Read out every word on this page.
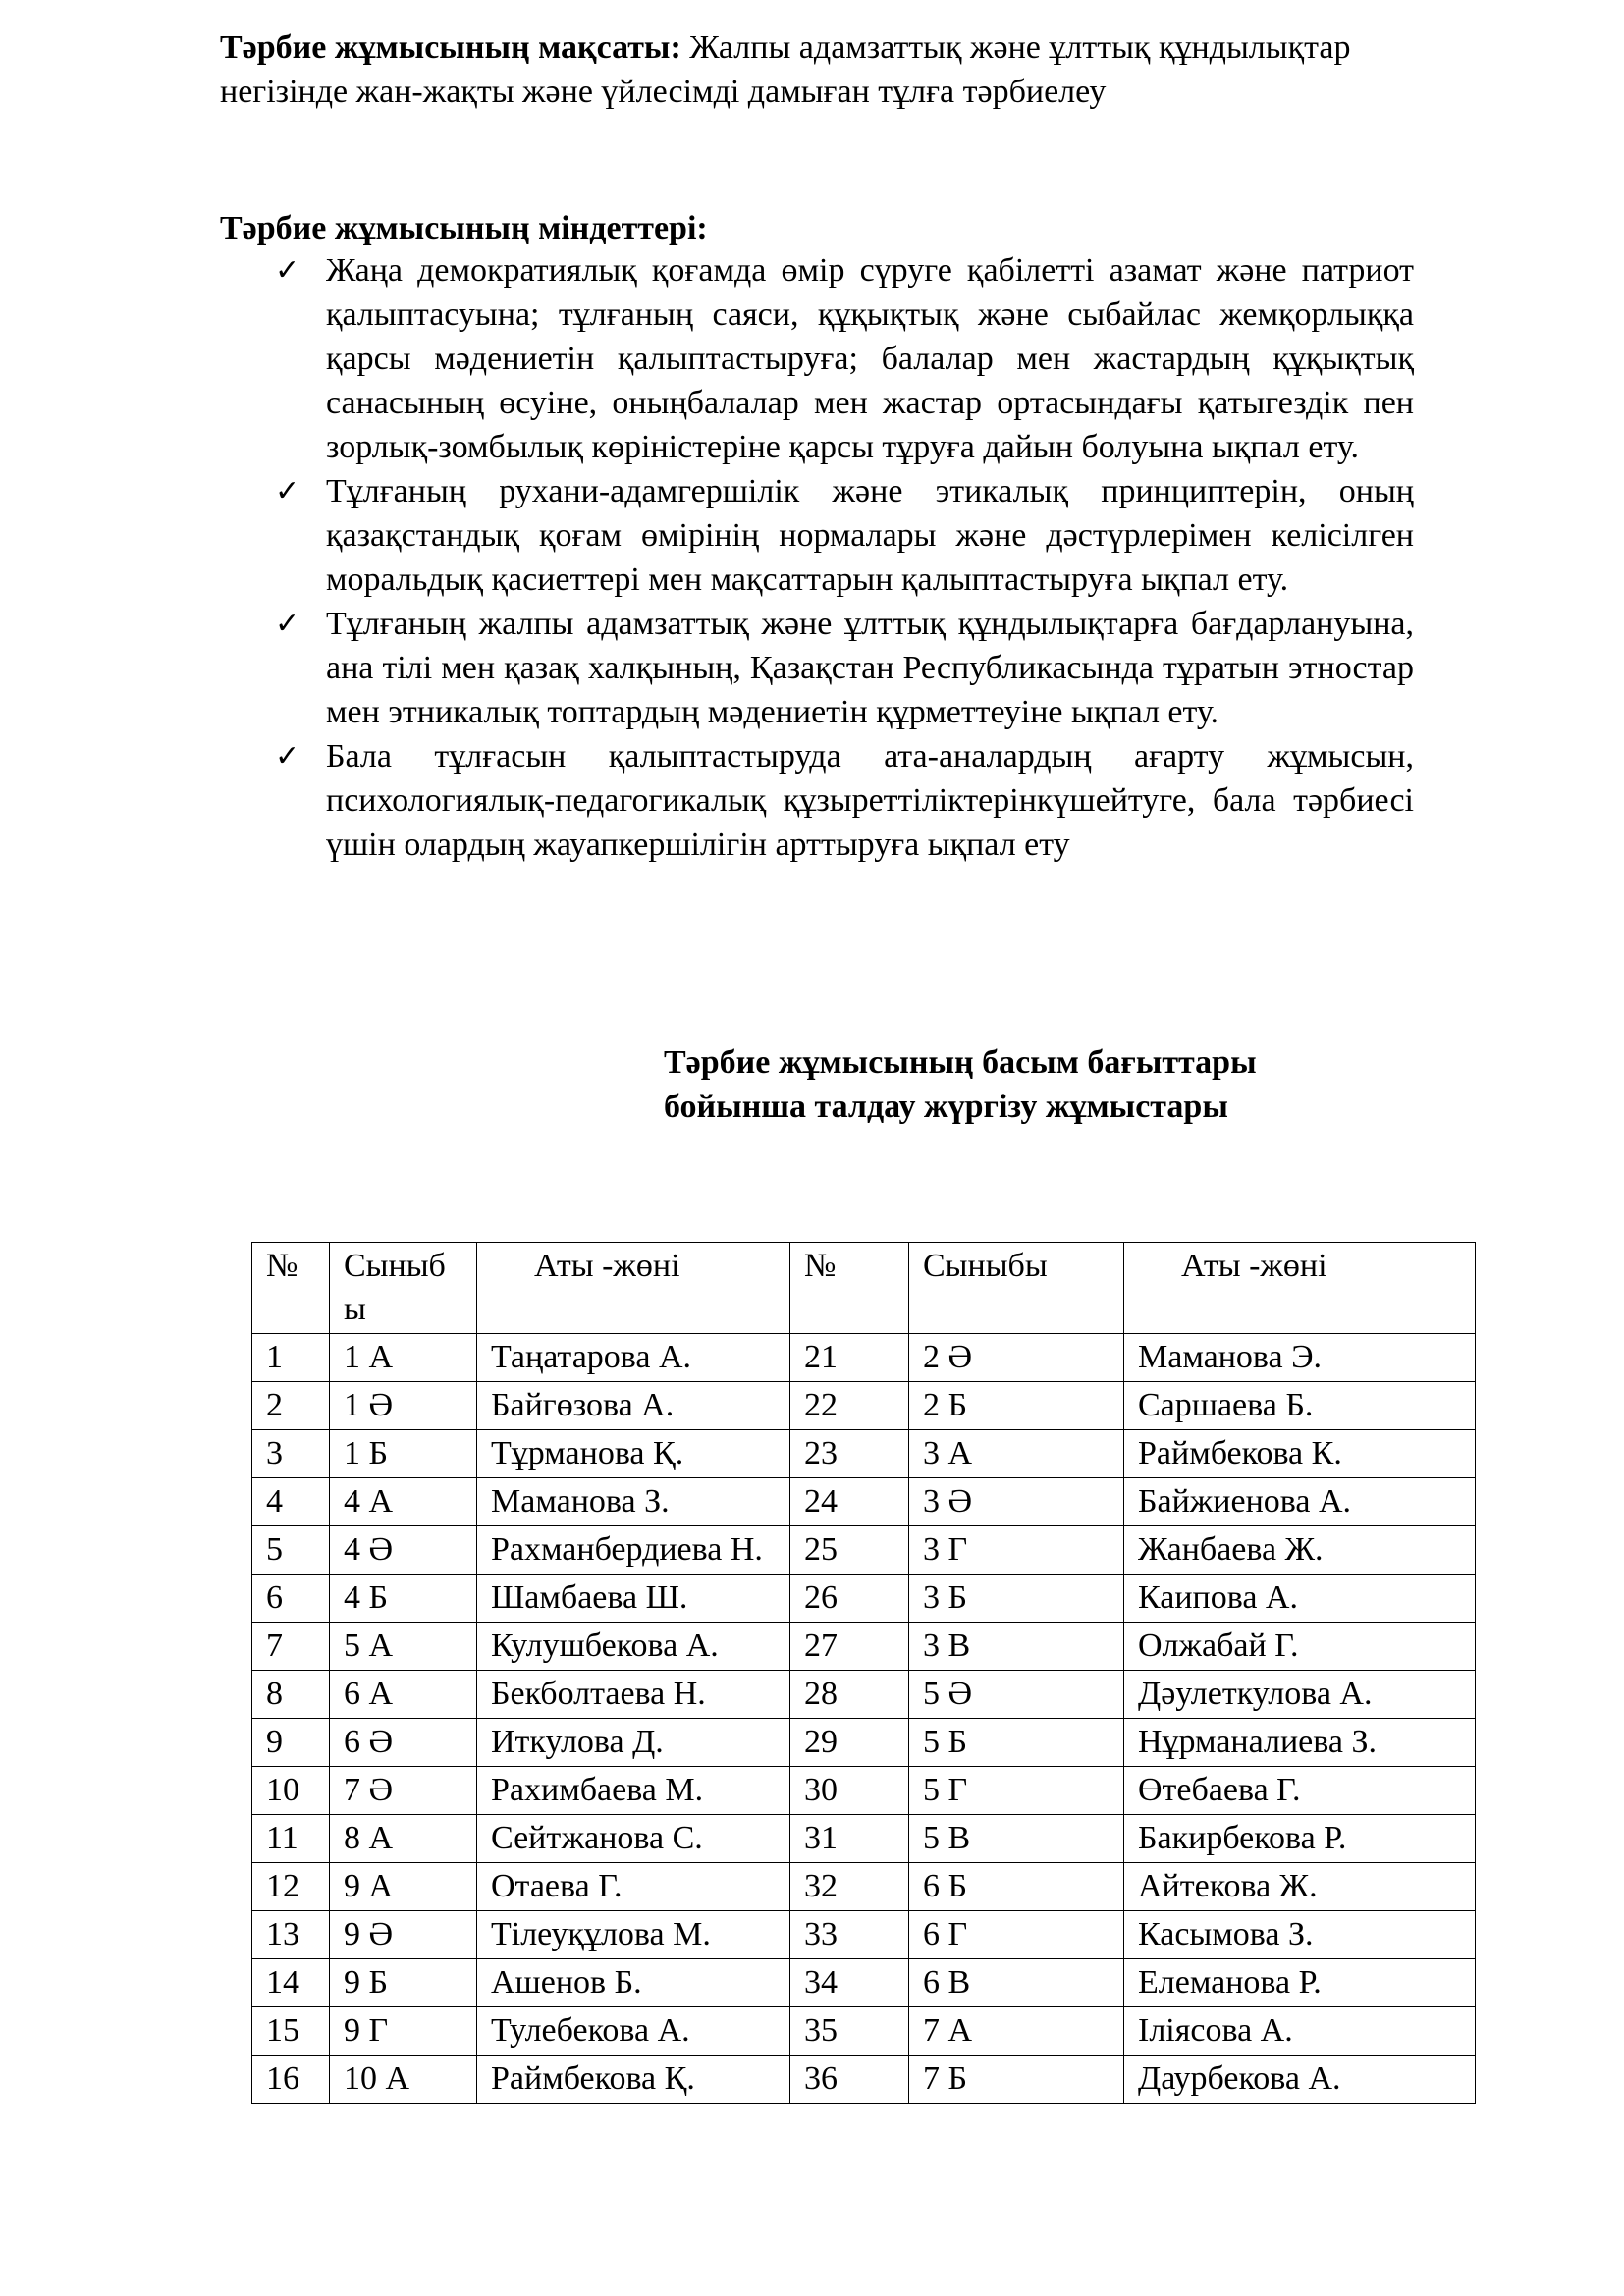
Тәрбие жұмысының мақсаты: Жалпы адамзаттық және ұлттық құндылықтар негізінде жан-жақты және үйлесімді дамыған тұлға тәрбиелеу

Тәрбие жұмысының міндеттері:
✓ Жаңа демократиялық қоғамда өмір сүруге қабілетті азамат және патриот қалыптасуына; тұлғаның саяси, құқықтық және сыбайлас жемқорлыққа қарсы мәдениетін қалыптастыруға; балалар мен жастардың құқықтық санасының өсуіне, оныңбалалар мен жастар ортасындағы қатыгездік пен зорлық-зомбылық көріністеріне қарсы тұруға дайын болуына ықпал ету.
✓ Тұлғаның рухани-адамгершілік және этикалық принциптерін, оның қазақстандық қоғам өмірінің нормалары және дәстүрлерімен келісілген моральдық қасиеттері мен мақсаттарын қалыптастыруға ықпал ету.
✓ Тұлғаның жалпы адамзаттық және ұлттық құндылықтарға бағдарлануына, ана тілі мен қазақ халқының, Қазақстан Республикасында тұратын этностар мен этникалық топтардың мәдениетін құрметтеуіне ықпал ету.
✓ Бала тұлғасын қалыптастыруда ата-аналардың ағарту жұмысын, психологиялық-педагогикалық құзыреттіліктерінкүшейтуге, бала тәрбиесі үшін олардың жауапкершілігін арттыруға ықпал ету
Тәрбие жұмысының басым бағыттары
бойынша талдау жүргізу жұмыстары
№	Сыныбы	Аты -жөні	№	Сыныбы	Аты -жөні
1	1 А	Таңатарова А.	21	2 Ә	Маманова Э.
2	1 Ә	Байгөзова А.	22	2 Б	Саршаева Б.
3	1 Б	Тұрманова Қ.	23	3 А	Раймбекова К.
4	4 А	Маманова З.	24	3 Ә	Байжиенова А.
5	4 Ә	Рахманбердиева Н.	25	3 Г	Жанбаева Ж.
6	4 Б	Шамбаева Ш.	26	3 Б	Каипова А.
7	5 А	Кулушбекова А.	27	3 В	Олжабай Г.
8	6 А	Бекболтаева Н.	28	5 Ә	Дәулеткулова А.
9	6 Ә	Иткулова Д.	29	5 Б	Нұрманалиева З.
10	7 Ә	Рахимбаева М.	30	5 Г	Өтебаева Г.
11	8 А	Сейтжанова С.	31	5 В	Бакирбекова Р.
12	9 А	Отаева Г.	32	6 Б	Айтекова Ж.
13	9 Ә	Тілеуқұлова М.	33	6 Г	Касымова З.
14	9 Б	Ашенов Б.	34	6 В	Елеманова Р.
15	9 Г	Тулебекова А.	35	7 А	Іліясова А.
16	10 А	Раймбекова Қ.	36	7 Б	Даурбекова А.
